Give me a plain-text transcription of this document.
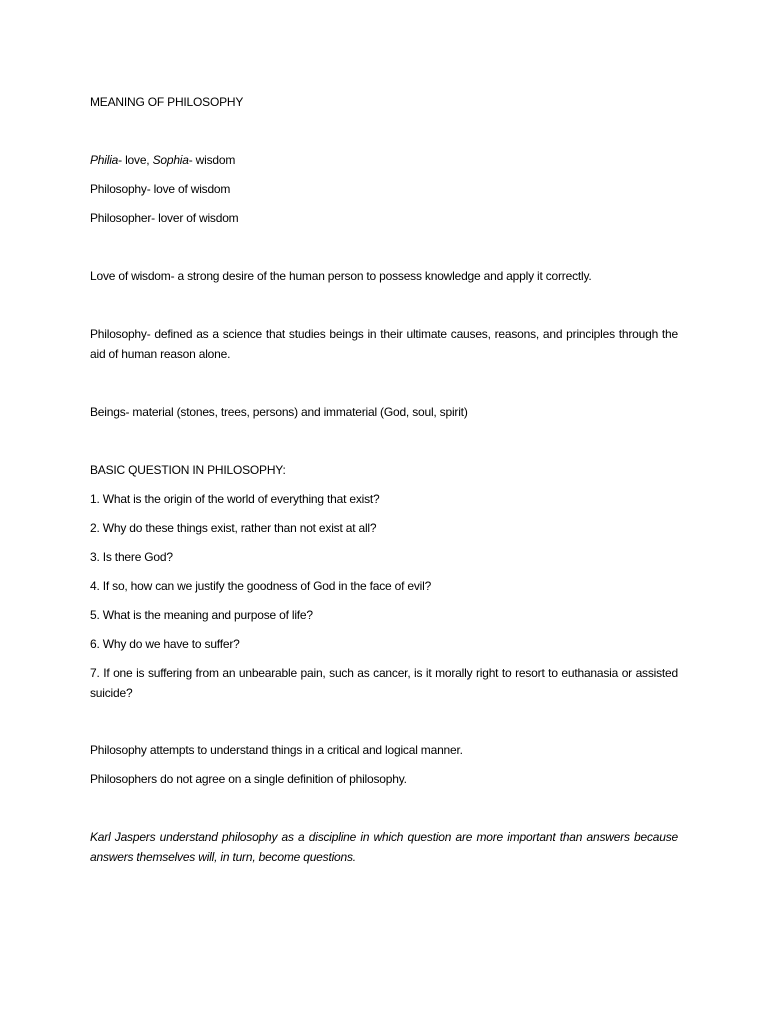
MEANING OF PHILOSOPHY

Philia- love, Sophia- wisdom

Philosophy- love of wisdom

Philosopher- lover of wisdom

Love of wisdom- a strong desire of the human person to possess knowledge and apply it correctly.

Philosophy- defined as a science that studies beings in their ultimate causes, reasons, and principles through the aid of human reason alone.

Beings- material (stones, trees, persons) and immaterial (God, soul, spirit)

BASIC QUESTION IN PHILOSOPHY:

1. What is the origin of the world of everything that exist?

2. Why do these things exist, rather than not exist at all?

3. Is there God?

4. If so, how can we justify the goodness of God in the face of evil?

5. What is the meaning and purpose of life?

6. Why do we have to suffer?

7. If one is suffering from an unbearable pain, such as cancer, is it morally right to resort to euthanasia or assisted suicide?

Philosophy attempts to understand things in a critical and logical manner.

Philosophers do not agree on a single definition of philosophy.

Karl Jaspers understand philosophy as a discipline in which question are more important than answers because answers themselves will, in turn, become questions.
